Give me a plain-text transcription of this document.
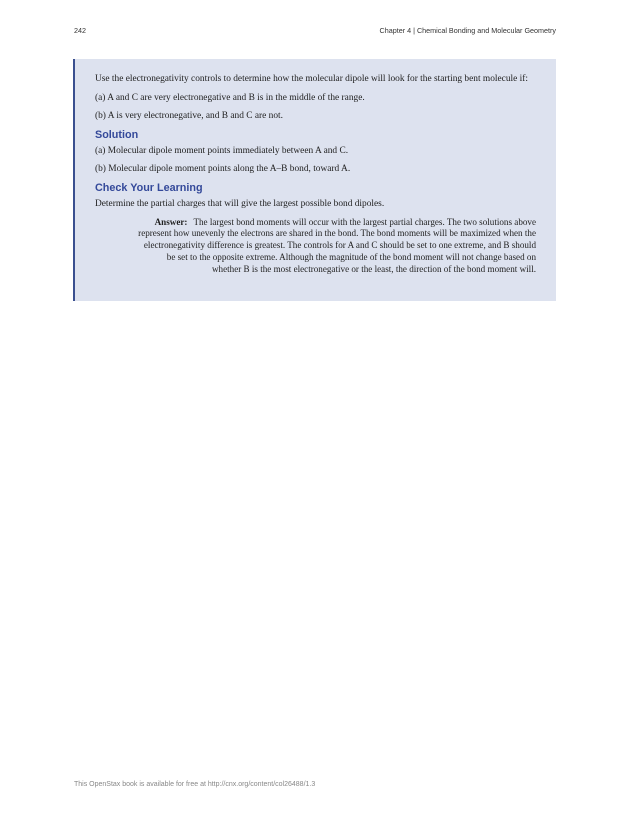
242	Chapter 4 | Chemical Bonding and Molecular Geometry

Use the electronegativity controls to determine how the molecular dipole will look for the starting bent molecule if:

(a) A and C are very electronegative and B is in the middle of the range.

(b) A is very electronegative, and B and C are not.

Solution

(a) Molecular dipole moment points immediately between A and C.

(b) Molecular dipole moment points along the A–B bond, toward A.

Check Your Learning

Determine the partial charges that will give the largest possible bond dipoles.

Answer: The largest bond moments will occur with the largest partial charges. The two solutions above
represent how unevenly the electrons are shared in the bond. The bond moments will be maximized when the
electronegativity difference is greatest. The controls for A and C should be set to one extreme, and B should
be set to the opposite extreme. Although the magnitude of the bond moment will not change based on
whether B is the most electronegative or the least, the direction of the bond moment will.
This OpenStax book is available for free at http://cnx.org/content/col26488/1.3
